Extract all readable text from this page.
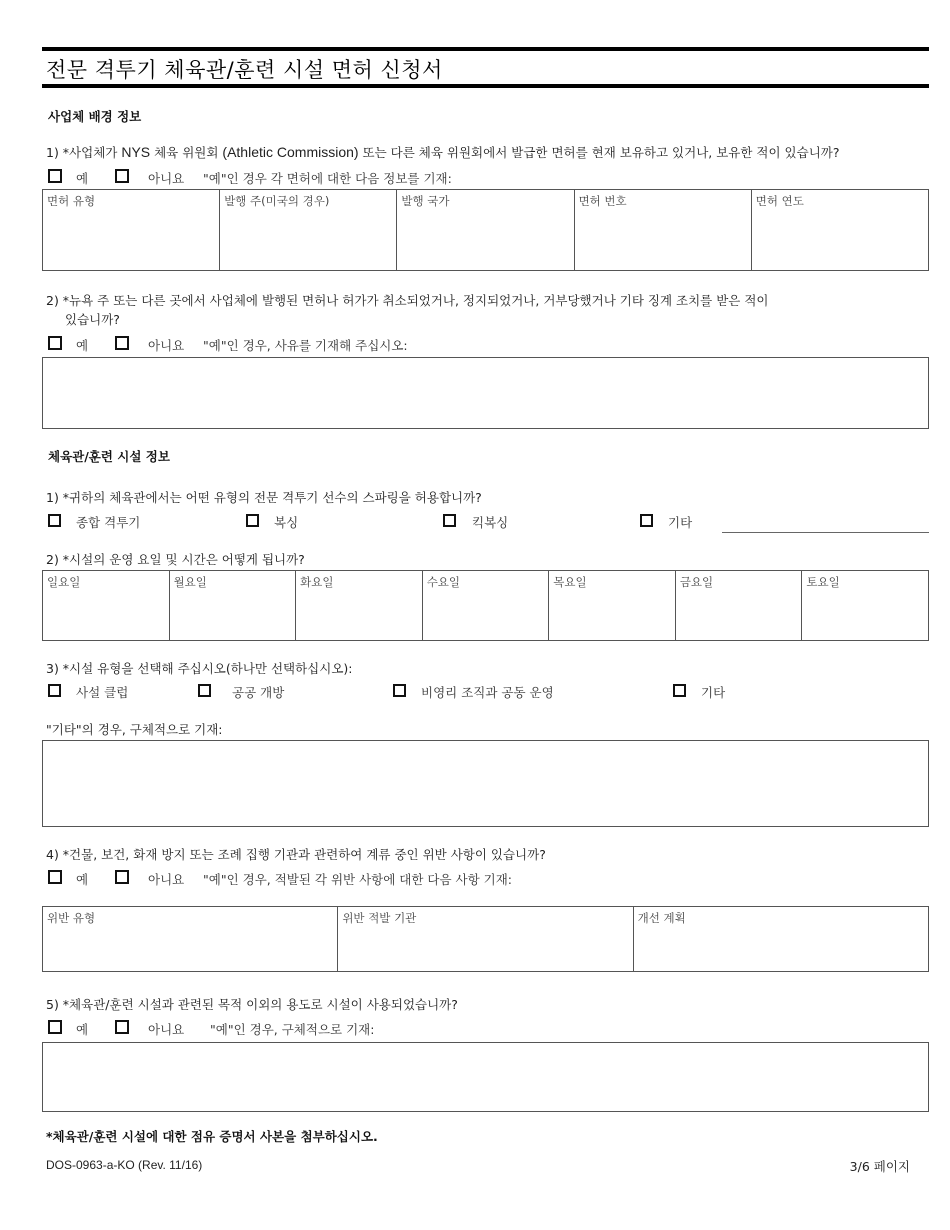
전문 격투기 체육관/훈련 시설 면허 신청서
사업체 배경 정보
1) *사업체가 NYS 체육 위원회 (Athletic Commission) 또는 다른 체육 위원회에서 발급한 면허를 현재 보유하고 있거나, 보유한 적이 있습니까?
예	아니요 "예"인 경우 각 면허에 대한 다음 정보를 기재:
면허 유형	발행 주(미국의 경우)	발행 국가	면허 번호	면허 연도
2) *뉴욕 주 또는 다른 곳에서 사업체에 발행된 면허나 허가가 취소되었거나, 정지되었거나, 거부당했거나 기타 징계 조치를 받은 적이
있습니까?
예	아니요 "예"인 경우, 사유를 기재해 주십시오:
체육관/훈련 시설 정보
1) *귀하의 체육관에서는 어떤 유형의 전문 격투기 선수의 스파링을 허용합니까?
종합 격투기	복싱	킥복싱	기타
2) *시설의 운영 요일 및 시간은 어떻게 됩니까?
일요일	월요일	화요일	수요일	목요일	금요일	토요일
3) *시설 유형을 선택해 주십시오(하나만 선택하십시오):
사설 클럽	공공 개방	비영리 조직과 공동 운영	기타
"기타"의 경우, 구체적으로 기재:
4) *건물, 보건, 화재 방지 또는 조례 집행 기관과 관련하여 계류 중인 위반 사항이 있습니까?
예	아니요 "예"인 경우, 적발된 각 위반 사항에 대한 다음 사항 기재:
위반 유형	위반 적발 기관	개선 계획
5) *체육관/훈련 시설과 관련된 목적 이외의 용도로 시설이 사용되었습니까?
예	아니요 "예"인 경우, 구체적으로 기재:
*체육관/훈련 시설에 대한 점유 증명서 사본을 첨부하십시오.
DOS-0963-a-KO (Rev. 11/16)	3/6 페이지
